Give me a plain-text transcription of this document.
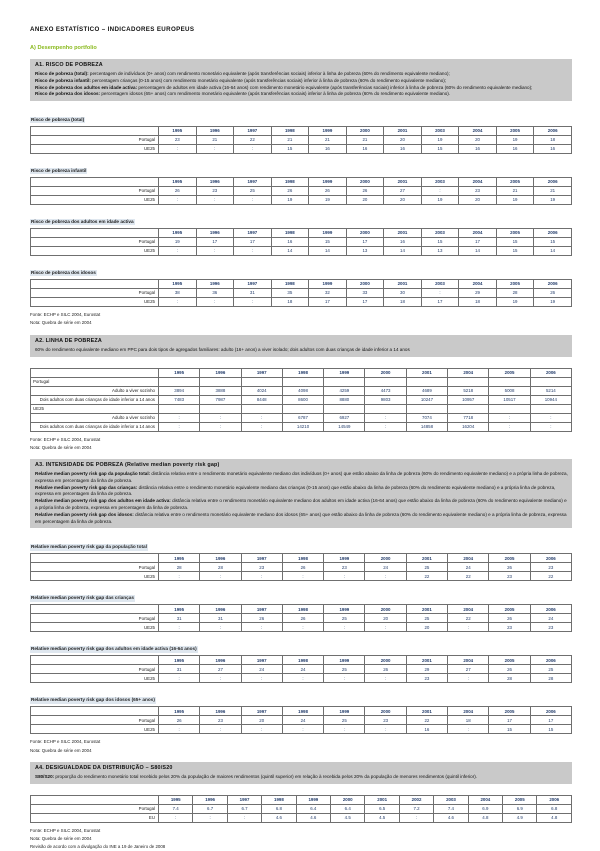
ANEXO ESTATÍSTICO – INDICADORES EUROPEUS
A) Desempenho portfolio
A1. RISCO DE POBREZA
Risco de pobreza (total): percentagem de indivíduos (0+ anos) com rendimento monetário equivalente (após transferências sociais) inferior à linha de pobreza (60% do rendimento equivalente mediano);
Risco de pobreza infantil: percentagem crianças (0-15 anos) com rendimento monetário equivalente (após transferências sociais) inferior à linha de pobreza (60% do rendimento equivalente mediano);
Risco de pobreza dos adultos em idade activa: percentagem de adultos em idade activa (16-64 anos) com rendimento monetário equivalente (após transferências sociais) inferior à linha de pobreza (60% do rendimento equivalente mediano);
Risco de pobreza dos idosos: percentagem idosos (65+ anos) com rendimento monetário equivalente (após transferências sociais) inferior à linha de pobreza (60% do rendimento equivalente mediano).
Risco de pobreza (total)
	1995	1996	1997	1998	1999	2000	2001	2003	2004	2005	2006
Portugal	23	21	22	21	21	21	20	19	20	19	18
UE25	:	:	:	15	16	16	16	15	16	16	16
Risco de pobreza infantil
	1995	1996	1997	1998	1999	2000	2001	2003	2004	2005	2006
Portugal	26	23	25	26	26	26	27	:	23	21	21
UE25	:	:	:	19	19	20	20	19	20	19	19
Risco de pobreza dos adultos em idade activa
	1995	1996	1997	1998	1999	2000	2001	2003	2004	2005	2006
Portugal	19	17	17	16	15	17	16	15	17	15	15
UE25	:	:	:	14	14	13	14	13	14	15	14
Risco de pobreza dos idosos
	1995	1996	1997	1998	1999	2000	2001	2003	2004	2005	2006
Portugal	38	36	31	35	32	33	30	:	29	28	26
UE25	:	:	:	18	17	17	18	17	18	19	19
Fonte: ECHP e SILC 2004, Eurostat
Nota: Quebra de série em 2004
A2. LINHA DE POBREZA
60% do rendimento equivalente mediano em PPC para dois tipos de agregados familiares: adulto (16+ anos) a viver isolado; dois adultos com duas crianças de idade inferior a 14 anos
	1995	1996	1997	1998	1999	2000	2001	2004	2005	2006
Portugal										
Adulto a viver sozinho	3894	3888	4024	4098	4259	4473	4689	5218	5008	5214
Dois adultos com duas crianças de idade inferior a 14 anos	7483	7987	8448	8600	8880	9803	10247	10957	10517	10944
UE25										
Adulto a viver sozinho	:	:	:	6787	6927	:	7074	7718	:	:
Dois adultos com duas crianças de idade inferior a 14 anos	:	:	:	14210	14549	:	14858	16204	:	:
Fonte: ECHP e SILC 2004, Eurostat
Nota: Quebra de série em 2004
A3. INTENSIDADE DE POBREZA (Relative median poverty risk gap)
Relative median poverty risk gap da população total: distância relativa entre o rendimento monetário equivalente mediano dos indivíduos (0+ anos) que estão abaixo da linha de pobreza (60% do rendimento equivalente mediano) e a própria linha de pobreza, expressa em percentagem da linha de pobreza.
Relative median poverty risk gap das crianças: distância relativa entre o rendimento monetário equivalente mediano das crianças (0-15 anos) que estão abaixo da linha de pobreza (60% do rendimento equivalente mediano) e a própria linha de pobreza, expressa em percentagem da linha de pobreza.
Relative median poverty risk gap dos adultos em idade activa: distância relativa entre o rendimento monetário equivalente mediano dos adultos em idade activa (16-64 anos) que estão abaixo da linha de pobreza (60% do rendimento equivalente mediano) e a própria linha de pobreza, expressa em percentagem da linha de pobreza.
Relative median poverty risk gap dos idosos: distância relativa entre o rendimento monetário equivalente mediano dos idosos (65+ anos) que estão abaixo da linha de pobreza (60% do rendimento equivalente mediano) e a própria linha de pobreza, expressa em percentagem da linha de pobreza.
Relative median poverty risk gap da população total
	1995	1996	1997	1998	1999	2000	2001	2004	2005	2006
Portugal	28	28	23	26	23	24	25	24	26	23
UE25	:	:	:	:	:	:	22	22	23	22
Relative median poverty risk gap das crianças
	1995	1996	1997	1998	1999	2000	2001	2004	2005	2006
Portugal	31	31	26	26	25	20	25	22	26	24
UE25	:	:	:	:	:	:	20	:	23	23
Relative median poverty risk gap dos adultos em idade activa (16-64 anos)
	1995	1996	1997	1998	1999	2000	2001	2004	2005	2006
Portugal	31	27	24	24	25	26	29	27	26	25
UE25	:	:	:	:	:	:	23	:	28	28
Relative median poverty risk gap dos idosos (65+ anos)
	1995	1996	1997	1998	1999	2000	2001	2004	2005	2006
Portugal	26	23	20	24	25	23	22	18	17	17
UE25	:	:	:	:	:	:	16	:	15	15
Fonte: ECHP e SILC 2004, Eurostat
Nota: Quebra de série em 2004
A4. DESIGUALDADE DA DISTRIBUIÇÃO – S80/S20
S80/S20: proporção do rendimento monetário total recebido pelos 20% da população de maiores rendimentos (quintil superior) em relação à recebida pelos 20% da população de menores rendimentos (quintil inferior).
	1995	1996	1997	1998	1999	2000	2001	2002	2003	2004	2005	2006
Portugal	7.4	6.7	6.7	6.8	6.4	6.4	6.5	7.2	7.4	6.9	6.9	6.8
EU	:	:	:	4.6	4.6	4.5	4.5	:	4.6	4.8	4.9	4.8
Fonte: ECHP e SILC 2004, Eurostat
Nota: Quebra de série em 2004
Revisão de acordo com a divulgação do INE a 19 de Janeiro de 2008
